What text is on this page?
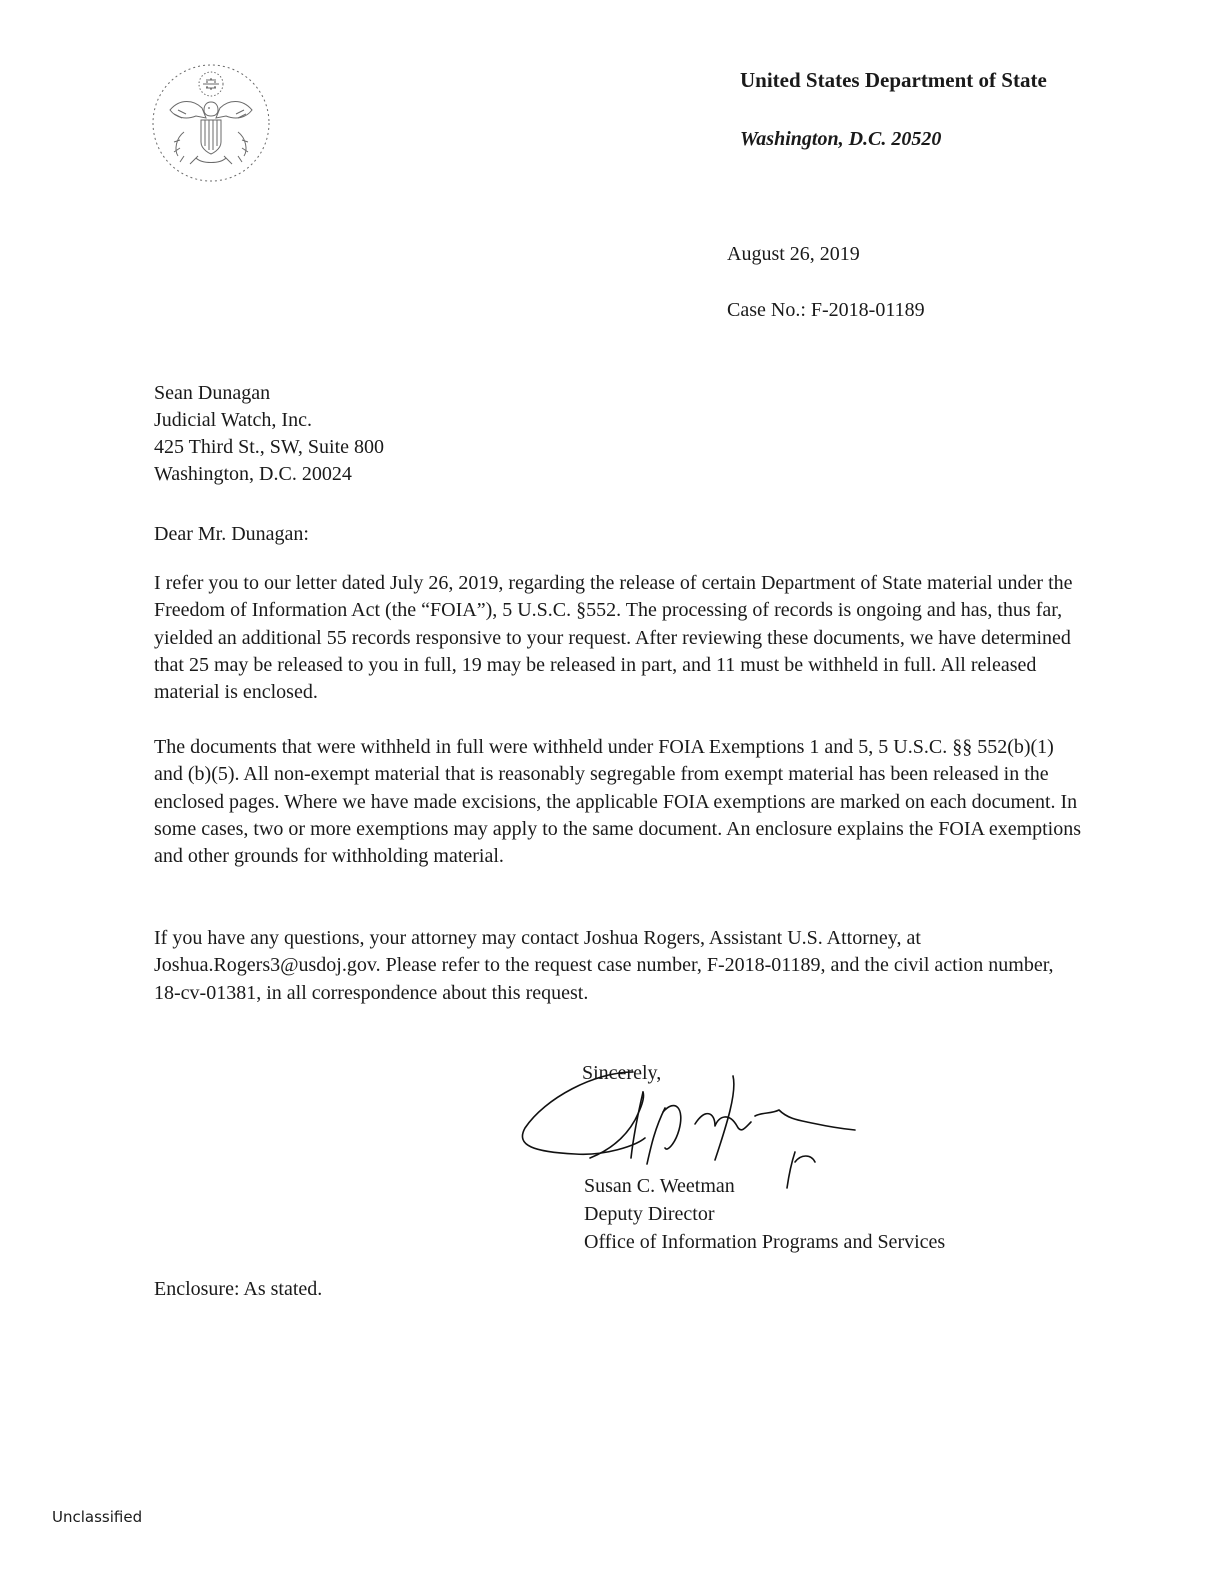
United States Department of State
Washington, D.C. 20520
August 26, 2019
Case No.: F-2018-01189
Sean Dunagan
Judicial Watch, Inc.
425 Third St., SW, Suite 800
Washington, D.C. 20024
Dear Mr. Dunagan:

I refer you to our letter dated July 26, 2019, regarding the release of certain Department of State material under the Freedom of Information Act (the “FOIA”), 5 U.S.C. §552. The processing of records is ongoing and has, thus far, yielded an additional 55 records responsive to your request. After reviewing these documents, we have determined that 25 may be released to you in full, 19 may be released in part, and 11 must be withheld in full. All released material is enclosed.

The documents that were withheld in full were withheld under FOIA Exemptions 1 and 5, 5 U.S.C. §§ 552(b)(1) and (b)(5). All non-exempt material that is reasonably segregable from exempt material has been released in the enclosed pages. Where we have made excisions, the applicable FOIA exemptions are marked on each document. In some cases, two or more exemptions may apply to the same document. An enclosure explains the FOIA exemptions and other grounds for withholding material.

If you have any questions, your attorney may contact Joshua Rogers, Assistant U.S. Attorney, at Joshua.Rogers3@usdoj.gov. Please refer to the request case number, F-2018-01189, and the civil action number, 18-cv-01381, in all correspondence about this request.

Sincerely,
Susan C. Weetman
Deputy Director
Office of Information Programs and Services
Enclosure: As stated.
Unclassified
